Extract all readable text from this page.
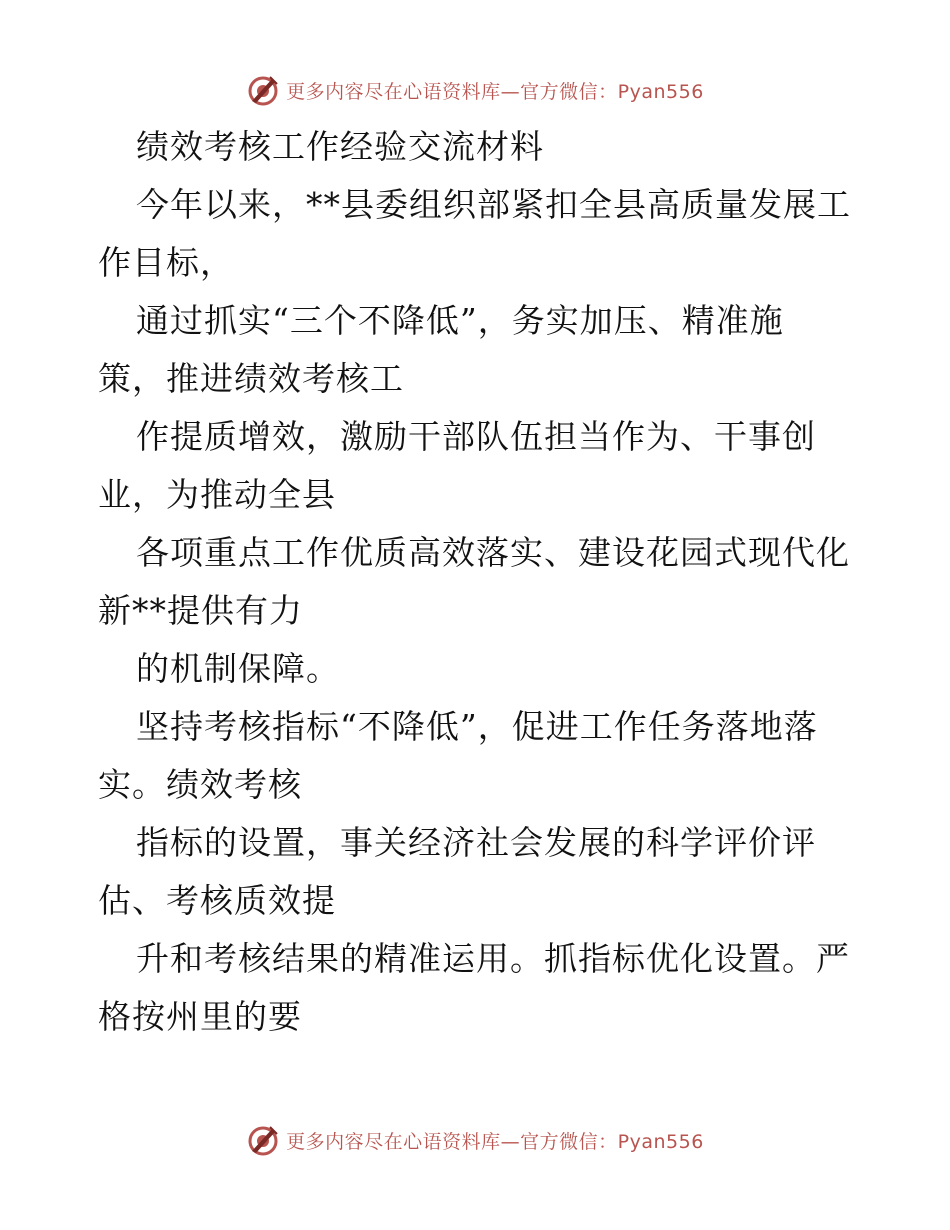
更多内容尽在心语资料库—官方微信：Pyan556
绩效考核工作经验交流材料
今年以来，**县委组织部紧扣全县高质量发展工
作目标，
通过抓实“三个不降低”，务实加压、精准施
策，推进绩效考核工
作提质增效，激励干部队伍担当作为、干事创
业，为推动全县
各项重点工作优质高效落实、建设花园式现代化
新**提供有力
的机制保障。
坚持考核指标“不降低”，促进工作任务落地落
实。绩效考核
指标的设置，事关经济社会发展的科学评价评
估、考核质效提
升和考核结果的精准运用。抓指标优化设置。严
格按州里的要
更多内容尽在心语资料库—官方微信：Pyan556
